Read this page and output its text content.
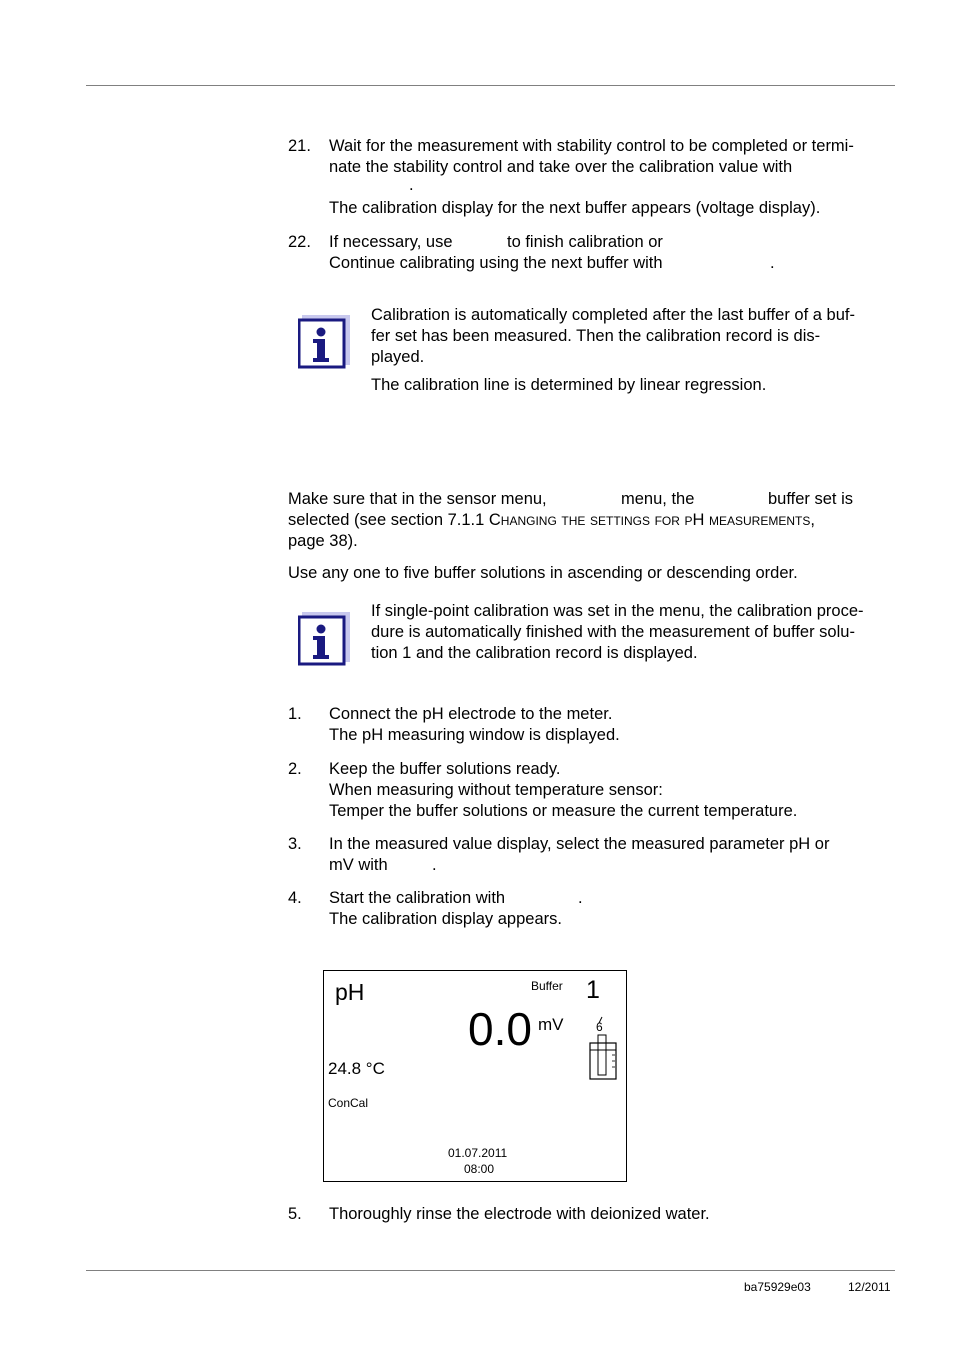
21. Wait for the measurement with stability control to be completed or termi-
nate the stability control and take over the calibration value with
.
The calibration display for the next buffer appears (voltage display).
22. If necessary, use	to finish calibration or
Continue calibrating using the next buffer with	.
Calibration is automatically completed after the last buffer of a buf-
fer set has been measured. Then the calibration record is dis-
played.
The calibration line is determined by linear regression.
Make sure that in the sensor menu,	menu, the	buffer set is
selected (see section 7.1.1 Changing the settings for pH measurements,
page 38).
Use any one to five buffer solutions in ascending or descending order.
If single-point calibration was set in the menu, the calibration proce-
dure is automatically finished with the measurement of buffer solu-
tion 1 and the calibration record is displayed.
1. Connect the pH electrode to the meter.
The pH measuring window is displayed.
2. Keep the buffer solutions ready.
When measuring without temperature sensor:
Temper the buffer solutions or measure the current temperature.
3. In the measured value display, select the measured parameter pH or
mV with	.
4. Start the calibration with	.
The calibration display appears.
pH	Buffer 1
0.0 mV
24.8 °C
ConCal
01.07.2011
08:00
6
5. Thoroughly rinse the electrode with deionized water.
ba75929e03	12/2011
